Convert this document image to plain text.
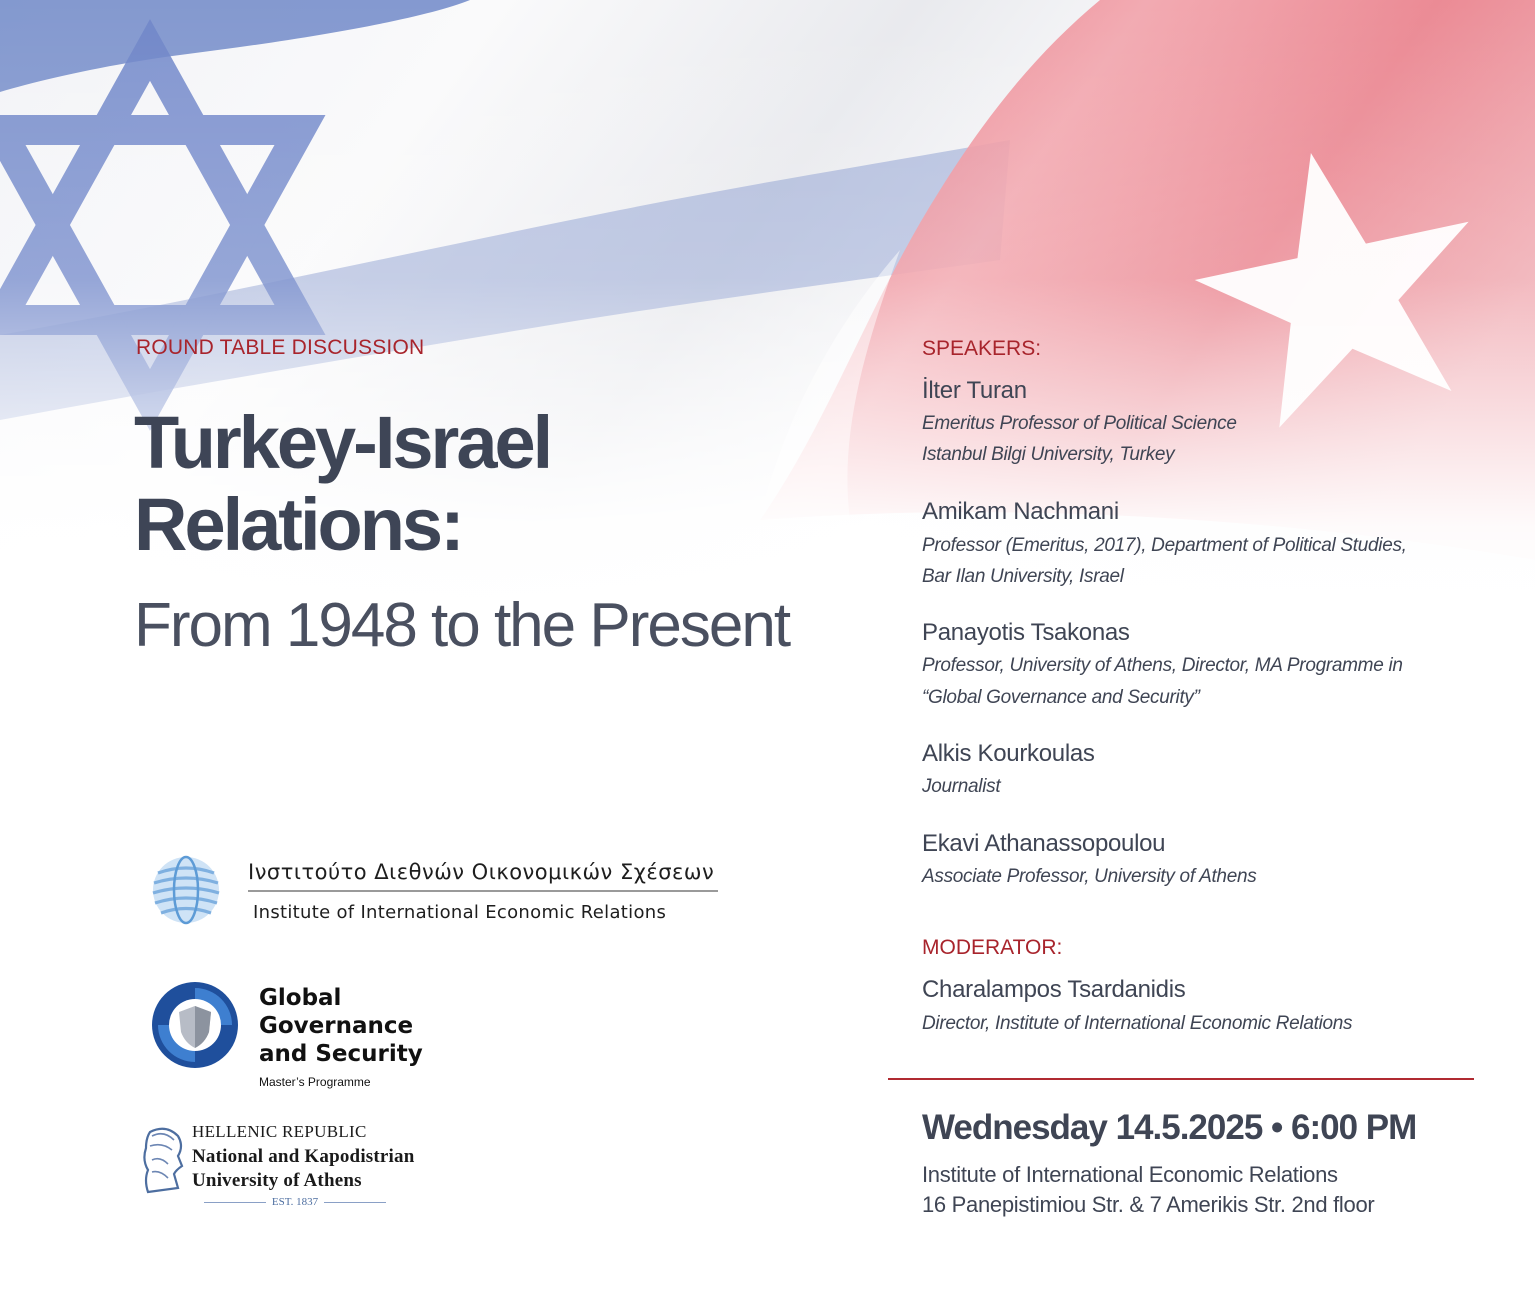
ROUND TABLE DISCUSSION
Turkey-Israel
Relations:
From 1948 to the Present
Ινστιτούτο Διεθνών Οικονομικών Σχέσεων
Institute of International Economic Relations
Global
Governance
and Security
Master’s Programme
HELLENIC REPUBLIC
National and Kapodistrian
University of Athens
EST. 1837
SPEAKERS:
İlter Turan
Emeritus Professor of Political Science
Istanbul Bilgi University, Turkey
Amikam Nachmani
Professor (Emeritus, 2017), Department of Political Studies,
Bar Ilan University, Israel
Panayotis Tsakonas
Professor, University of Athens, Director, MA Programme in
“Global Governance and Security”
Alkis Kourkoulas
Journalist
Ekavi Athanassopoulou
Associate Professor, University of Athens
MODERATOR:
Charalampos Tsardanidis
Director, Institute of International Economic Relations
Wednesday 14.5.2025 • 6:00 PM
Institute of International Economic Relations
16 Panepistimiou Str. & 7 Amerikis Str. 2nd floor
